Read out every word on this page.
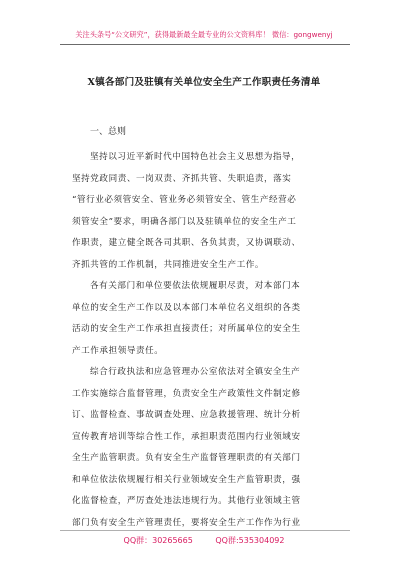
关注头条号“公文研究”，获得最新最全最专业的公文资料库！ 微信：gongwenyj
X镇各部门及驻镇有关单位安全生产工作职责任务清单
一、总则
坚持以习近平新时代中国特色社会主义思想为指导，
坚持党政同责、一岗双责、齐抓共管、失职追责，落实
“管行业必须管安全、管业务必须管安全、管生产经营必
须管安全”要求，明确各部门以及驻镇单位的安全生产工
作职责，建立健全既各司其职、各负其责，又协调联动、
齐抓共管的工作机制，共同推进安全生产工作。
各有关部门和单位要依法依规履职尽责，对本部门本
单位的安全生产工作以及以本部门本单位名义组织的各类
活动的安全生产工作承担直接责任；对所属单位的安全生
产工作承担领导责任。
综合行政执法和应急管理办公室依法对全镇安全生产
工作实施综合监督管理，负责安全生产政策性文件制定修
订、监督检查、事故调查处理、应急救援管理、统计分析
宣传教育培训等综合性工作，承担职责范围内行业领域安
全生产监管职责。负有安全生产监督管理职责的有关部门
和单位依法依规履行相关行业领域安全生产监管职责，强
化监督检查，严厉查处违法违规行为。其他行业领域主管
部门负有安全生产管理责任，要将安全生产工作作为行业
QQ群：30265665	QQ群:535304092
